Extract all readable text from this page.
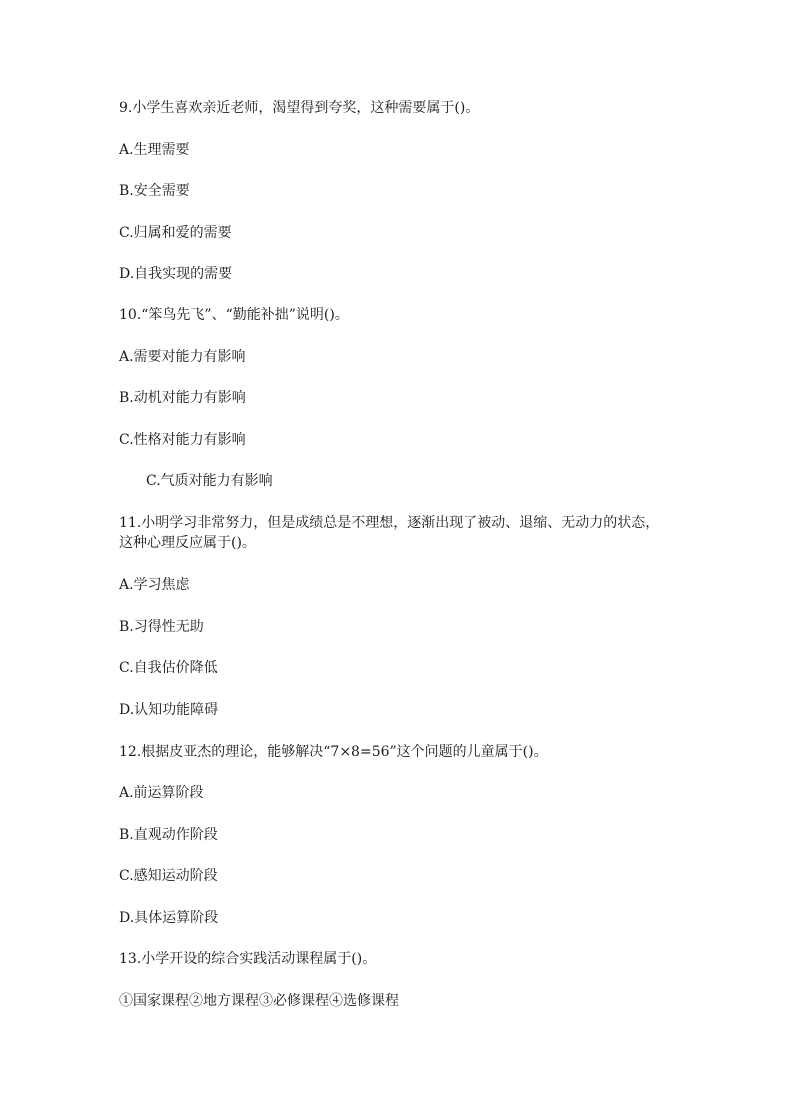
9.小学生喜欢亲近老师，渴望得到夸奖，这种需要属于()。
A.生理需要
B.安全需要
C.归属和爱的需要
D.自我实现的需要
10.“笨鸟先飞”、“勤能补拙”说明()。
A.需要对能力有影响
B.动机对能力有影响
C.性格对能力有影响
C.气质对能力有影响
11.小明学习非常努力，但是成绩总是不理想，逐渐出现了被动、退缩、无动力的状态，
这种心理反应属于()。
A.学习焦虑
B.习得性无助
C.自我估价降低
D.认知功能障碍
12.根据皮亚杰的理论，能够解决“7×8=56”这个问题的儿童属于()。
A.前运算阶段
B.直观动作阶段
C.感知运动阶段
D.具体运算阶段
13.小学开设的综合实践活动课程属于()。
①国家课程②地方课程③必修课程④选修课程
